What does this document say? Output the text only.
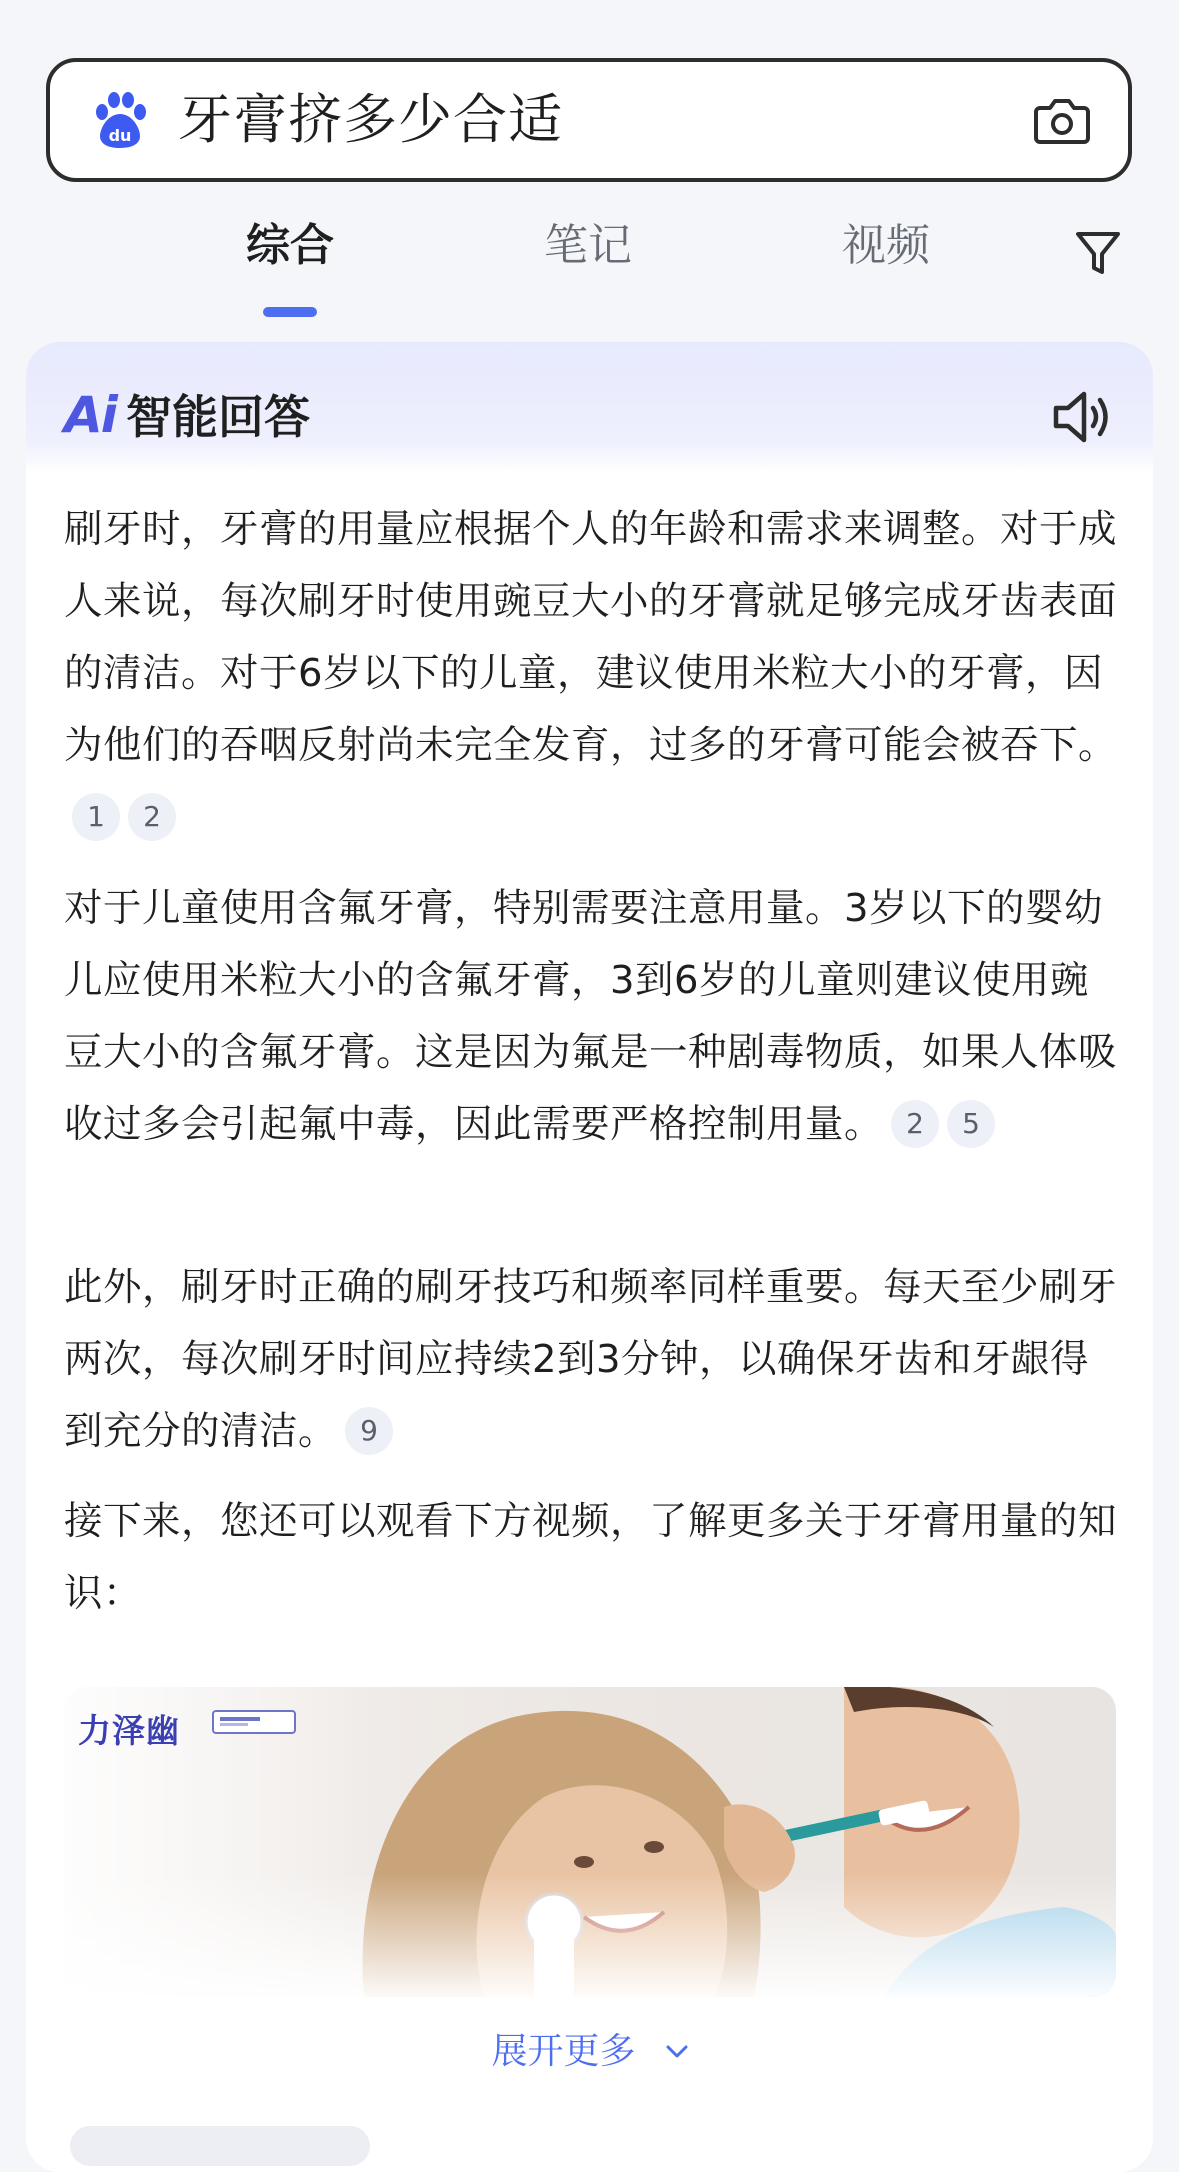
du 牙膏挤多少合适
综合	笔记	视频
Ai 智能回答
刷牙时，牙膏的用量应根据个人的年龄和需求来调整。对于成人来说，每次刷牙时使用豌豆大小的牙膏就足够完成牙齿表面的清洁。对于6岁以下的儿童，建议使用米粒大小的牙膏，因为他们的吞咽反射尚未完全发育，过多的牙膏可能会被吞下。1 2
对于儿童使用含氟牙膏，特别需要注意用量。3岁以下的婴幼儿应使用米粒大小的含氟牙膏，3到6岁的儿童则建议使用豌豆大小的含氟牙膏。这是因为氟是一种剧毒物质，如果人体吸收过多会引起氟中毒，因此需要严格控制用量。 2 5
此外，刷牙时正确的刷牙技巧和频率同样重要。每天至少刷牙两次，每次刷牙时间应持续2到3分钟，以确保牙齿和牙龈得到充分的清洁。 9
接下来，您还可以观看下方视频，了解更多关于牙膏用量的知识：
力泽幽
展开更多
